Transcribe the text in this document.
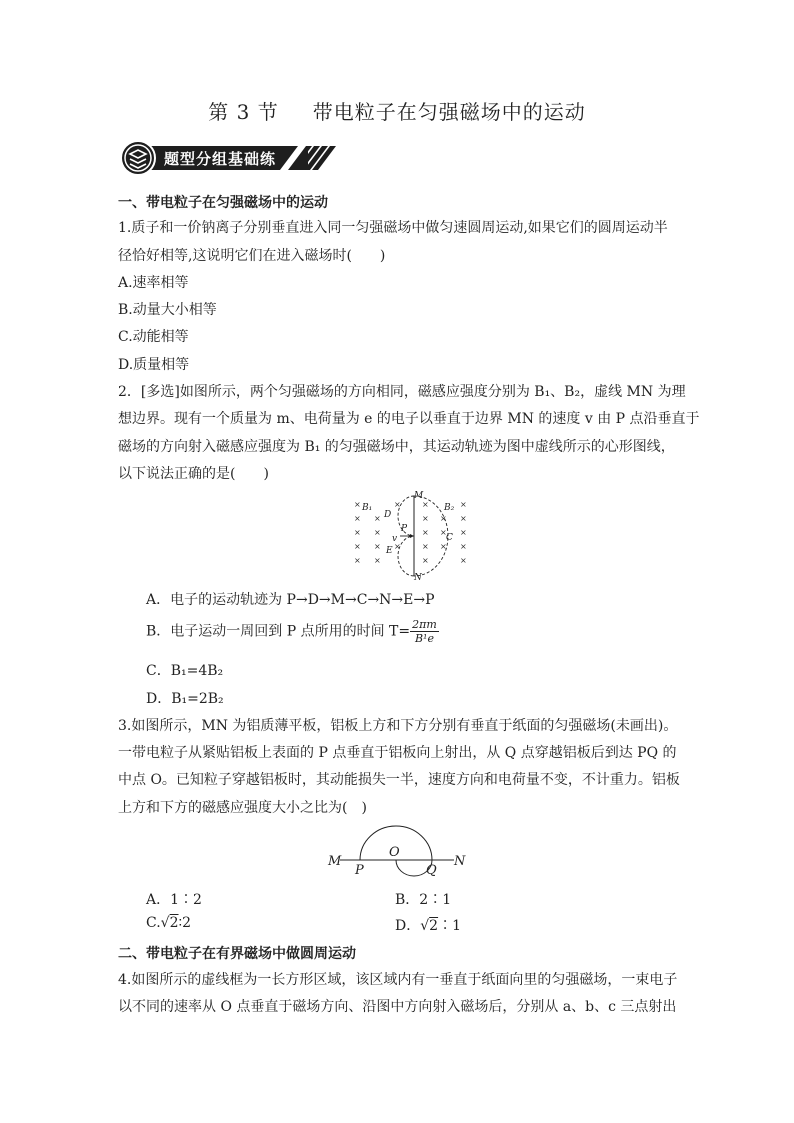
第 3 节 带电粒子在匀强磁场中的运动
题型分组基础练
一、带电粒子在匀强磁场中的运动
1.质子和一价钠离子分别垂直进入同一匀强磁场中做匀速圆周运动,如果它们的圆周运动半
径恰好相等,这说明它们在进入磁场时(　　)
A.速率相等
B.动量大小相等
C.动能相等
D.质量相等
2．[多选]如图所示，两个匀强磁场的方向相同，磁感应强度分别为 B₁、B₂，虚线 MN 为理
想边界。现有一个质量为 m、电荷量为 e 的电子以垂直于边界 MN 的速度 v 由 P 点沿垂直于
磁场的方向射入磁感应强度为 B₁ 的匀强磁场中，其运动轨迹为图中虚线所示的心形图线，
以下说法正确的是(　　)
×
×
×
×
×
×
×
×
×
×
×
×
×
×
×
×
×
×
×
×
×
×
×
×
M
N
B₁	B₂
D
P
v
E
C
A．电子的运动轨迹为 P→D→M→C→N→E→P
B．电子运动一周回到 P 点所用的时间 $T= \frac{2\pi m}{\text{B¹e}}$
C．B₁=4B₂
D．B₁=2B₂
3.如图所示，MN 为铝质薄平板，铝板上方和下方分别有垂直于纸面的匀强磁场(未画出)。
一带电粒子从紧贴铝板上表面的 P 点垂直于铝板向上射出，从 Q 点穿越铝板后到达 PQ 的
中点 O。已知粒子穿越铝板时，其动能损失一半，速度方向和电荷量不变，不计重力。铝板
上方和下方的磁感应强度大小之比为(　)
M	N
P
O
Q
A．1∶2	B．2∶1
C.√2∶2	D．√2∶1
二、带电粒子在有界磁场中做圆周运动
4.如图所示的虚线框为一长方形区域，该区域内有一垂直于纸面向里的匀强磁场，一束电子
以不同的速率从 O 点垂直于磁场方向、沿图中方向射入磁场后，分别从 a、b、c 三点射出
